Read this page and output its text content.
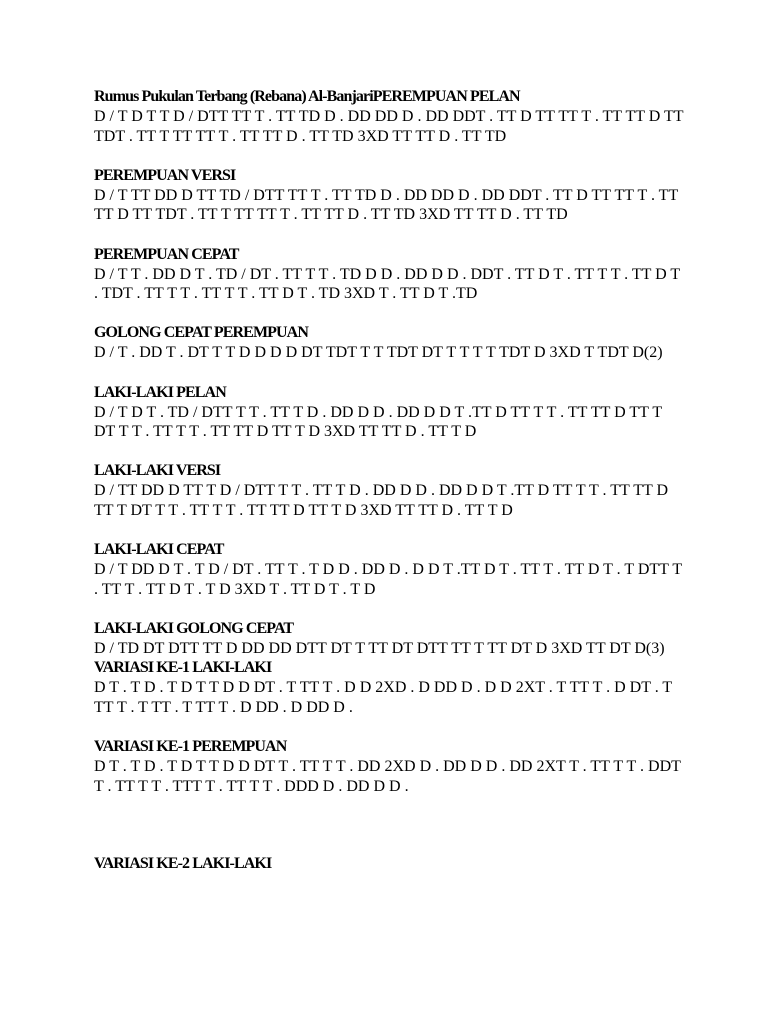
Rumus Pukulan Terbang (Rebana) Al-BanjariPEREMPUAN PELAN

D / T D T T D / DTT TT T . TT TD D . DD DD D . DD DDT . TT D TT TT T . TT TT D TT TDT . TT T TT TT T . TT TT D . TT TD 3XD TT TT D . TT TD

PEREMPUAN VERSI

D / T TT DD D TT TD / DTT TT T . TT TD D . DD DD D . DD DDT . TT D TT TT T . TT TT D TT TDT . TT T TT TT T . TT TT D . TT TD 3XD TT TT D . TT TD

PEREMPUAN CEPAT

D / T T . DD D T . TD / DT . TT T T . TD D D . DD D D . DDT . TT D T . TT T T . TT D T . TDT . TT T T . TT T T . TT D T . TD 3XD T . TT D T .TD

GOLONG CEPAT PEREMPUAN

D / T . DD T . DT T T D D D D DT TDT T T TDT DT T T T T TDT D 3XD T TDT D(2)

LAKI-LAKI PELAN

D / T D T . TD / DTT T T . TT T D . DD D D . DD D D T .TT D TT T T . TT TT D TT T DT T T . TT T T . TT TT D TT T D 3XD TT TT D . TT T D

LAKI-LAKI VERSI

D / TT DD D TT T D / DTT T T . TT T D . DD D D . DD D D T .TT D TT T T . TT TT D TT T DT T T . TT T T . TT TT D TT T D 3XD TT TT D . TT T D

LAKI-LAKI CEPAT

D / T DD D T . T D / DT . TT T . T D D . DD D . D D T .TT D T . TT T . TT D T . T DTT T . TT T . TT D T . T D 3XD T . TT D T . T D

LAKI-LAKI GOLONG CEPAT

D / TD DT DTT TT D DD DD DTT DT T TT DT DTT TT T TT DT D 3XD TT DT D(3)

VARIASI KE-1 LAKI-LAKI

D T . T D . T D T T D D DT . T TT T . D D 2XD . D DD D . D D 2XT . T TT T . D DT . T TT T . T TT . T TT T . D DD . D DD D .

VARIASI KE-1 PEREMPUAN

D T . T D . T D T T D D DT T . TT T T . DD 2XD D . DD D D . DD 2XT T . TT T T . DDT T . TT T T . TTT T . TT T T . DDD D . DD D D .

VARIASI KE-2 LAKI-LAKI
